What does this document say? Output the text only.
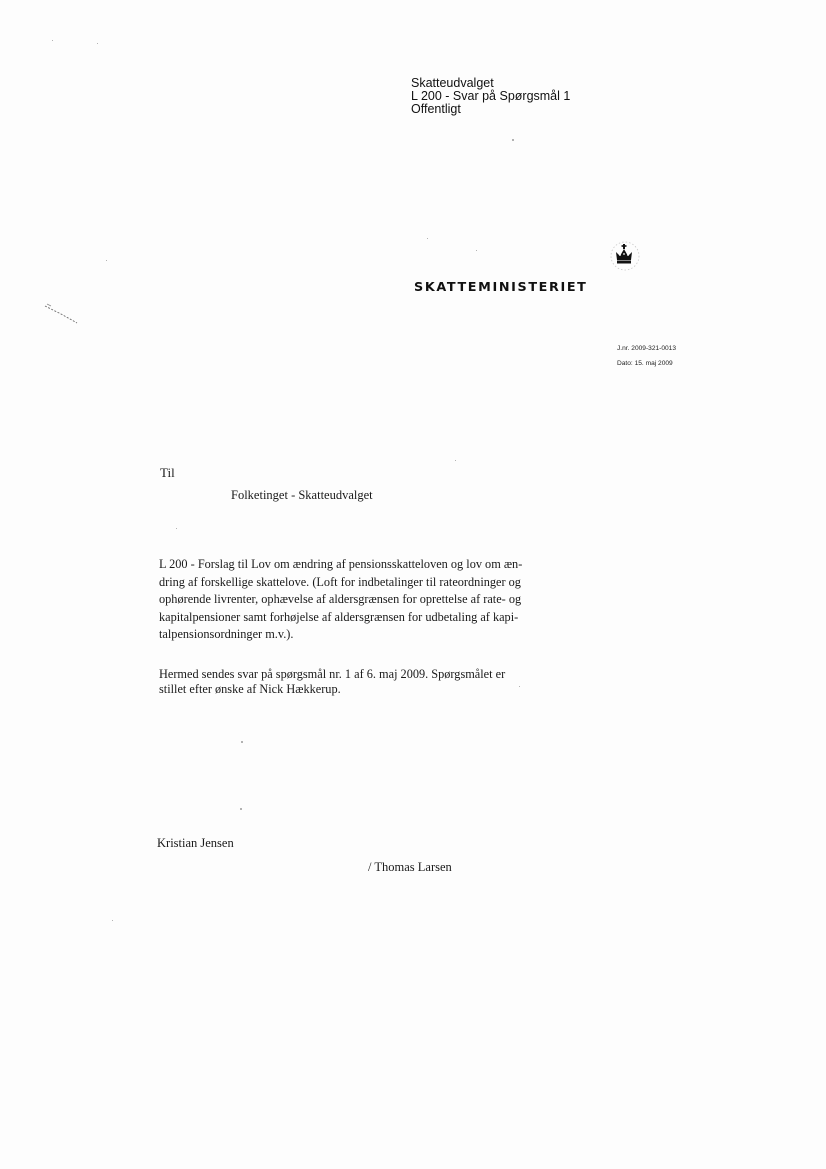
Skatteudvalget
L 200 - Svar på Spørgsmål 1
Offentligt
SKATTEMINISTERIET
J.nr. 2009-321-0013
Dato: 15. maj 2009
Til
Folketinget - Skatteudvalget
L 200 - Forslag til Lov om ændring af pensionsskatteloven og lov om æn-
dring af forskellige skattelove. (Loft for indbetalinger til rateordninger og
ophørende livrenter, ophævelse af aldersgrænsen for oprettelse af rate- og
kapitalpensioner samt forhøjelse af aldersgrænsen for udbetaling af kapi-
talpensionsordninger m.v.).
Hermed sendes svar på spørgsmål nr. 1 af 6. maj 2009. Spørgsmålet er
stillet efter ønske af Nick Hækkerup.
Kristian Jensen
/ Thomas Larsen
